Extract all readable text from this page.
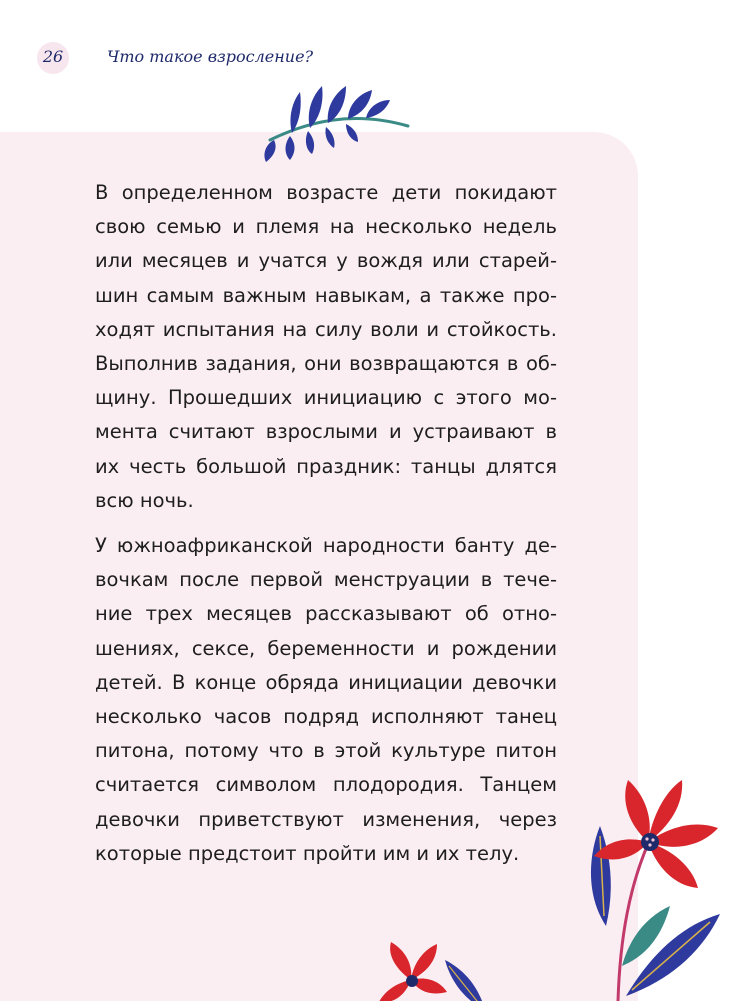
26	Что такое взросление?

В определенном возрасте дети покидают свою семью и племя на несколько недель или месяцев и учатся у вождя или старейшин самым важным навыкам, а также проходят испытания на силу воли и стойкость. Выполнив задания, они возвращаются в общину. Прошедших инициацию с этого момента считают взрослыми и устраивают в их честь большой праздник: танцы длятся всю ночь.

У южноафриканской народности банту девочкам после первой менструации в течение трех месяцев рассказывают об отношениях, сексе, беременности и рождении детей. В конце обряда инициации девочки несколько часов подряд исполняют танец питона, потому что в этой культуре питон считается символом плодородия. Танцем девочки приветствуют изменения, через которые предстоит пройти им и их телу.
